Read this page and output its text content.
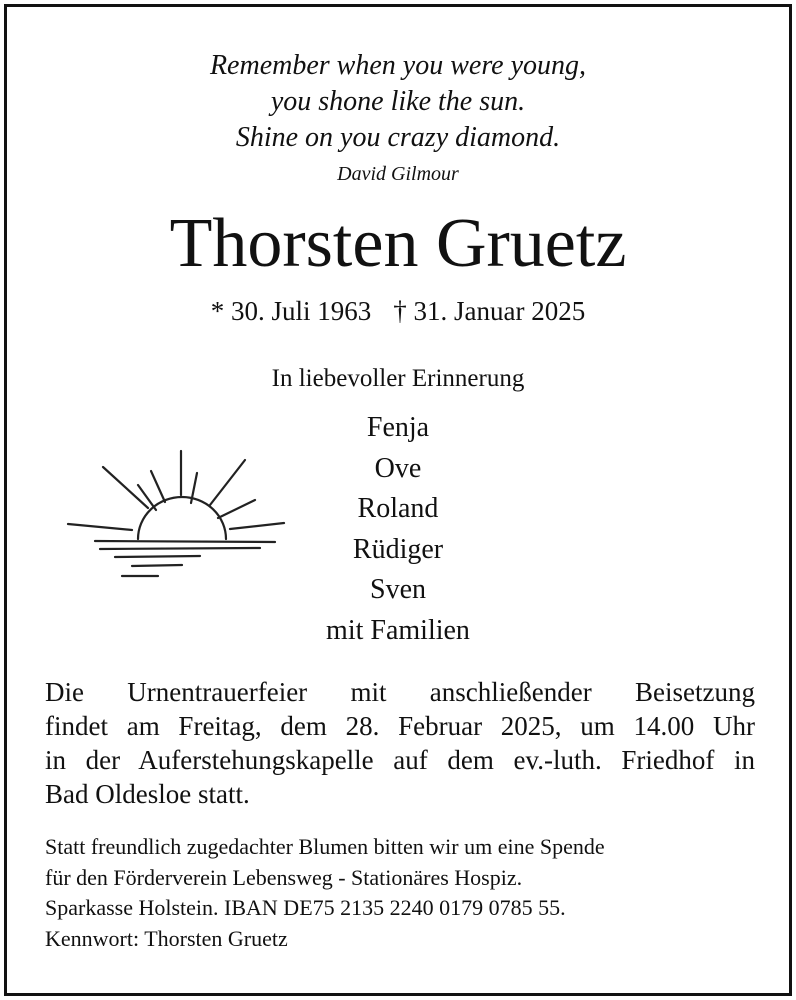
Remember when you were young,
you shone like the sun.
Shine on you crazy diamond.
David Gilmour
Thorsten Gruetz
* 30. Juli 1963 † 31. Januar 2025
In liebevoller Erinnerung
Fenja
Ove
Roland
Rüdiger
Sven
mit Familien
Die Urnentrauerfeier mit anschließender Beisetzung
findet am Freitag, dem 28. Februar 2025, um 14.00 Uhr
in der Auferstehungskapelle auf dem ev.-luth. Friedhof in
Bad Oldesloe statt.
Statt freundlich zugedachter Blumen bitten wir um eine Spende
für den Förderverein Lebensweg - Stationäres Hospiz.
Sparkasse Holstein. IBAN DE75 2135 2240 0179 0785 55.
Kennwort: Thorsten Gruetz
